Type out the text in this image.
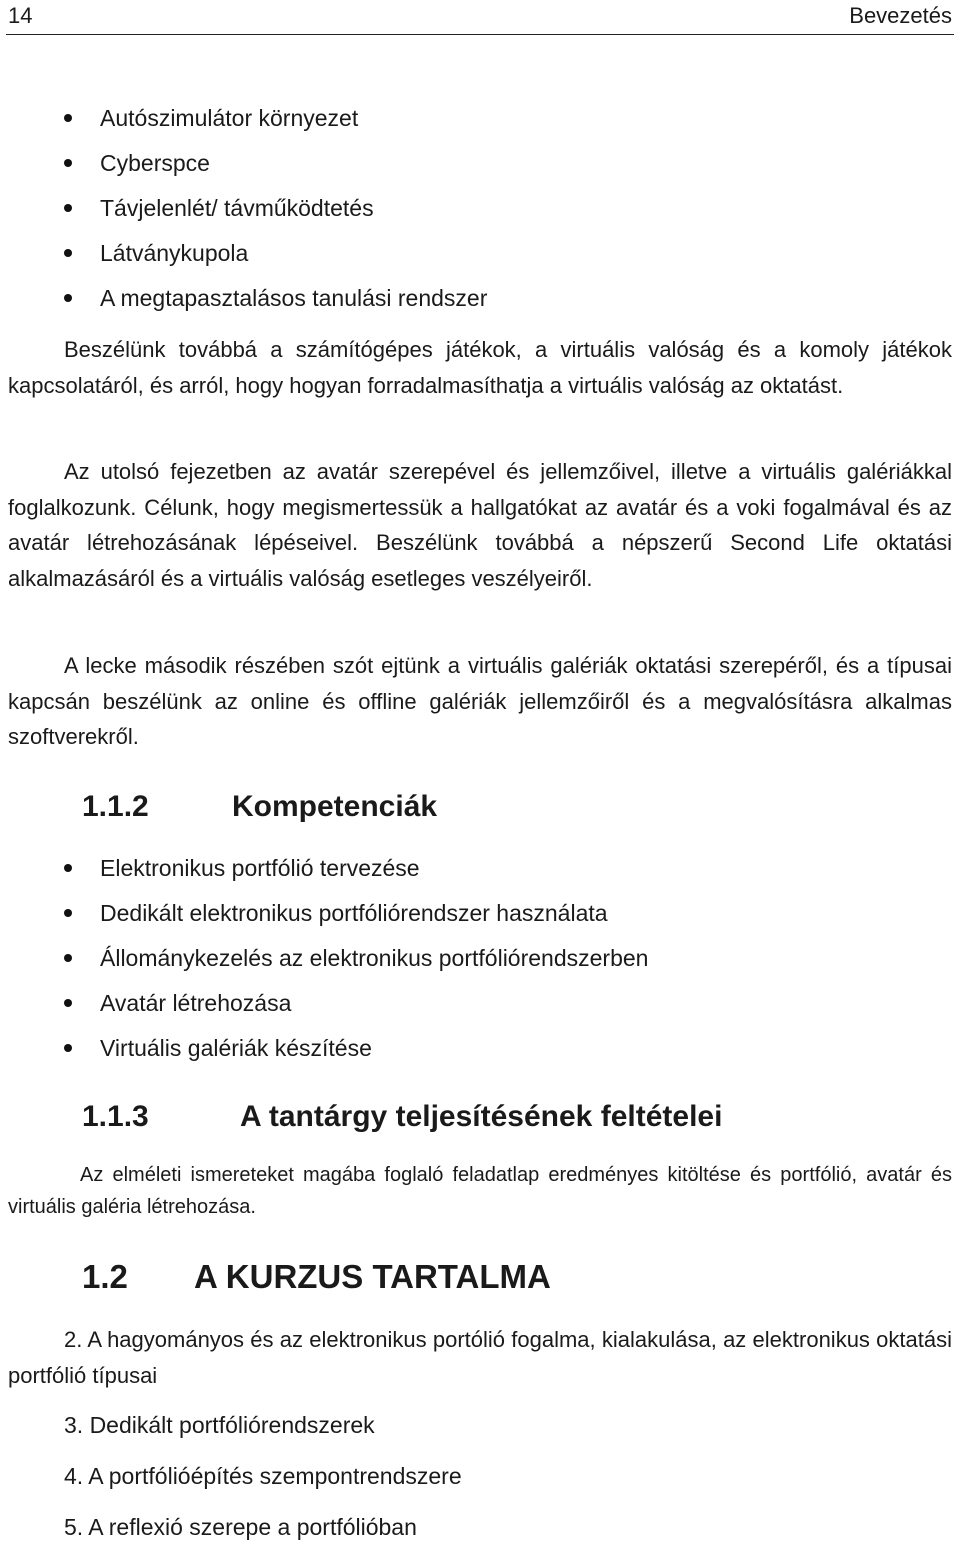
14	Bevezetés
Autószimulátor környezet
Cyberspce
Távjelenlét/ távműködtetés
Látványkupola
A megtapasztalásos tanulási rendszer

Beszélünk továbbá a számítógépes játékok, a virtuális valóság és a komoly játékok kapcsolatáról, és arról, hogy hogyan forradalmasíthatja a virtuális valóság az oktatást.

Az utolsó fejezetben az avatár szerepével és jellemzőivel, illetve a virtuális galériákkal foglalkozunk. Célunk, hogy megismertessük a hallgatókat az avatár és a voki fogalmával és az avatár létrehozásának lépéseivel. Beszélünk továbbá a népszerű Second Life oktatási alkalmazásáról és a virtuális valóság esetleges veszélyeiről.

A lecke második részében szót ejtünk a virtuális galériák oktatási szerepéről, és a típusai kapcsán beszélünk az online és offline galériák jellemzőiről és a megvalósításra alkalmas szoftverekről.

1.1.2	Kompetenciák
Elektronikus portfólió tervezése
Dedikált elektronikus portfóliórendszer használata
Állománykezelés az elektronikus portfóliórendszerben
Avatár létrehozása
Virtuális galériák készítése
1.1.3	A tantárgy teljesítésének feltételei

Az elméleti ismereteket magába foglaló feladatlap eredményes kitöltése és portfólió, avatár és virtuális galéria létrehozása.

1.2 A KURZUS TARTALMA

2. A hagyományos és az elektronikus portólió fogalma, kialakulása, az elektronikus oktatási portfólió típusai

3. Dedikált portfóliórendszerek

4. A portfólióépítés szempontrendszere

5. A reflexió szerepe a portfólióban
